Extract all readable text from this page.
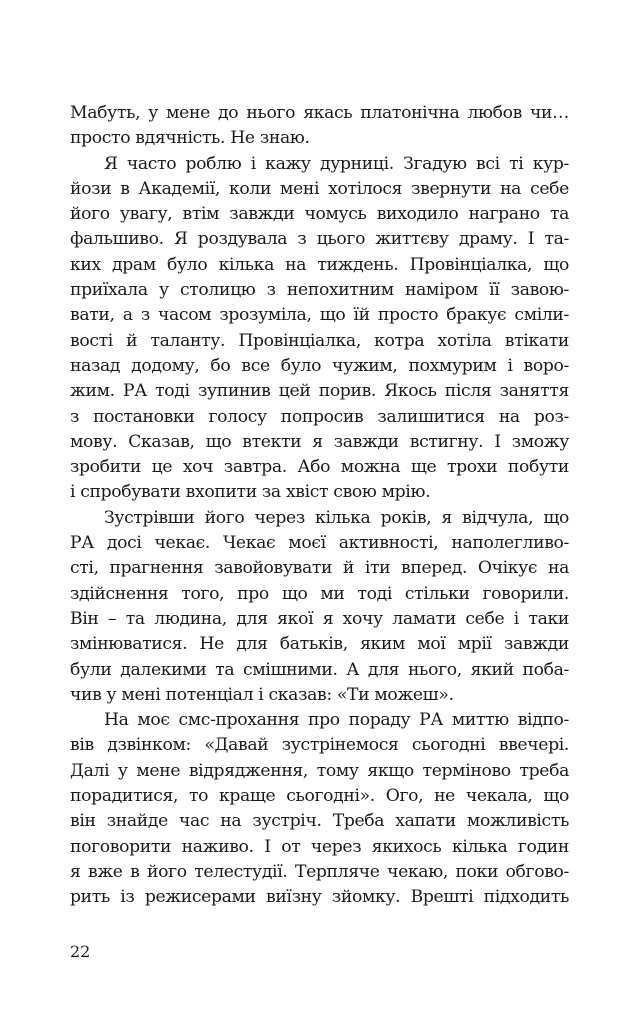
Мабуть, у мене до нього якась платонічна любов чи…
просто вдячність. Не знаю.
Я часто роблю і кажу дурниці. Згадую всі ті кур-
йози в Академії, коли мені хотілося звернути на себе
його увагу, втім завжди чомусь виходило награно та
фальшиво. Я роздувала з цього життєву драму. І та-
ких драм було кілька на тиждень. Провінціалка, що
приїхала у столицю з непохитним наміром її завою-
вати, а з часом зрозуміла, що їй просто бракує сміли-
вості й таланту. Провінціалка, котра хотіла втікати
назад додому, бо все було чужим, похмурим і воро-
жим. РА тоді зупинив цей порив. Якось після заняття
з постановки голосу попросив залишитися на роз-
мову. Сказав, що втекти я завжди встигну. І зможу
зробити це хоч завтра. Або можна ще трохи побути
і спробувати вхопити за хвіст свою мрію.
Зустрівши його через кілька років, я відчула, що
РА досі чекає. Чекає моєї активності, наполегливо-
сті, прагнення завойовувати й іти вперед. Очікує на
здійснення того, про що ми тоді стільки говорили.
Він – та людина, для якої я хочу ламати себе і таки
змінюватися. Не для батьків, яким мої мрії завжди
були далекими та смішними. А для нього, який поба-
чив у мені потенціал і сказав: «Ти можеш».
На моє смс-прохання про пораду РА миттю відпо-
вів дзвінком: «Давай зустрінемося сьогодні ввечері.
Далі у мене відрядження, тому якщо терміново треба
порадитися, то краще сьогодні». Ого, не чекала, що
він знайде час на зустріч. Треба хапати можливість
поговорити наживо. І от через якихось кілька годин
я вже в його телестудії. Терпляче чекаю, поки обгово-
рить із режисерами виїзну зйомку. Врешті підходить
22
